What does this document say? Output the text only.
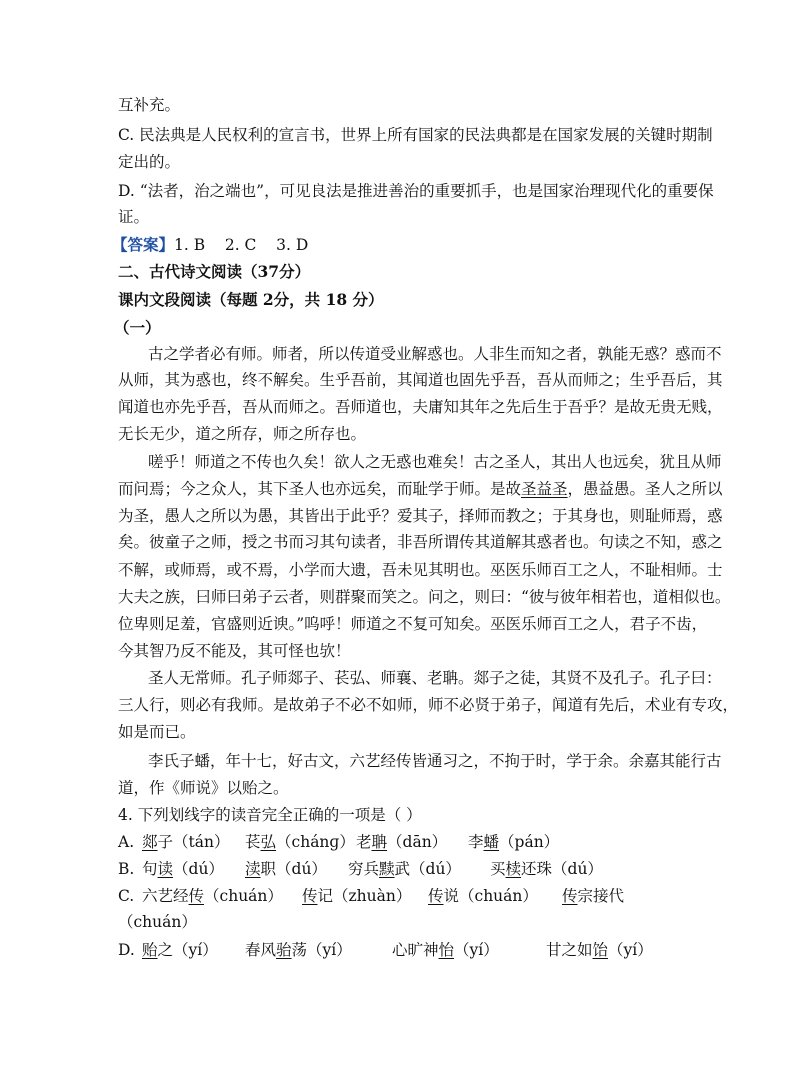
互补充。
C. 民法典是人民权利的宣言书，世界上所有国家的民法典都是在国家发展的关键时期制
定出的。
D. “法者，治之端也”，可见良法是推进善治的重要抓手，也是国家治理现代化的重要保
证。
【答案】1. B    2. C    3. D
二、古代诗文阅读（37分）
课内文段阅读（每题 2分，共 18 分）
（一）
古之学者必有师。师者，所以传道受业解惑也。人非生而知之者，孰能无惑？惑而不
从师，其为惑也，终不解矣。生乎吾前，其闻道也固先乎吾，吾从而师之；生乎吾后，其
闻道也亦先乎吾，吾从而师之。吾师道也，夫庸知其年之先后生于吾乎？是故无贵无贱，
无长无少，道之所存，师之所存也。
嗟乎！师道之不传也久矣！欲人之无惑也难矣！古之圣人，其出人也远矣，犹且从师
而问焉；今之众人，其下圣人也亦远矣，而耻学于师。是故圣益圣，愚益愚。圣人之所以
为圣，愚人之所以为愚，其皆出于此乎？爱其子，择师而教之；于其身也，则耻师焉，惑
矣。彼童子之师，授之书而习其句读者，非吾所谓传其道解其惑者也。句读之不知，惑之
不解，或师焉，或不焉，小学而大遗，吾未见其明也。巫医乐师百工之人，不耻相师。士
大夫之族，曰师曰弟子云者，则群聚而笑之。问之，则曰：“彼与彼年相若也，道相似也。
位卑则足羞，官盛则近谀。”呜呼！师道之不复可知矣。巫医乐师百工之人，君子不齿，
今其智乃反不能及，其可怪也欤！
圣人无常师。孔子师郯子、苌弘、师襄、老聃。郯子之徒，其贤不及孔子。孔子曰：
三人行，则必有我师。是故弟子不必不如师，师不必贤于弟子，闻道有先后，术业有专攻，
如是而已。
李氏子蟠，年十七，好古文，六艺经传皆通习之，不拘于时，学于余。余嘉其能行古
道，作《师说》以贻之。
4. 下列划线字的读音完全正确的一项是（ ）
A. 郯子（tán） 苌弘（chánɡ） 老聃（dān） 李蟠（pán）
B. 句读（dú） 渎职（dú） 穷兵黩武（dú） 买椟还珠（dú）
C. 六艺经传（chuán） 传记（zhuàn） 传说（chuán） 传宗接代
（chuán）
D. 贻之（yí） 春风骀荡（yí）	心旷神怡（yí）	甘之如饴（yí）
